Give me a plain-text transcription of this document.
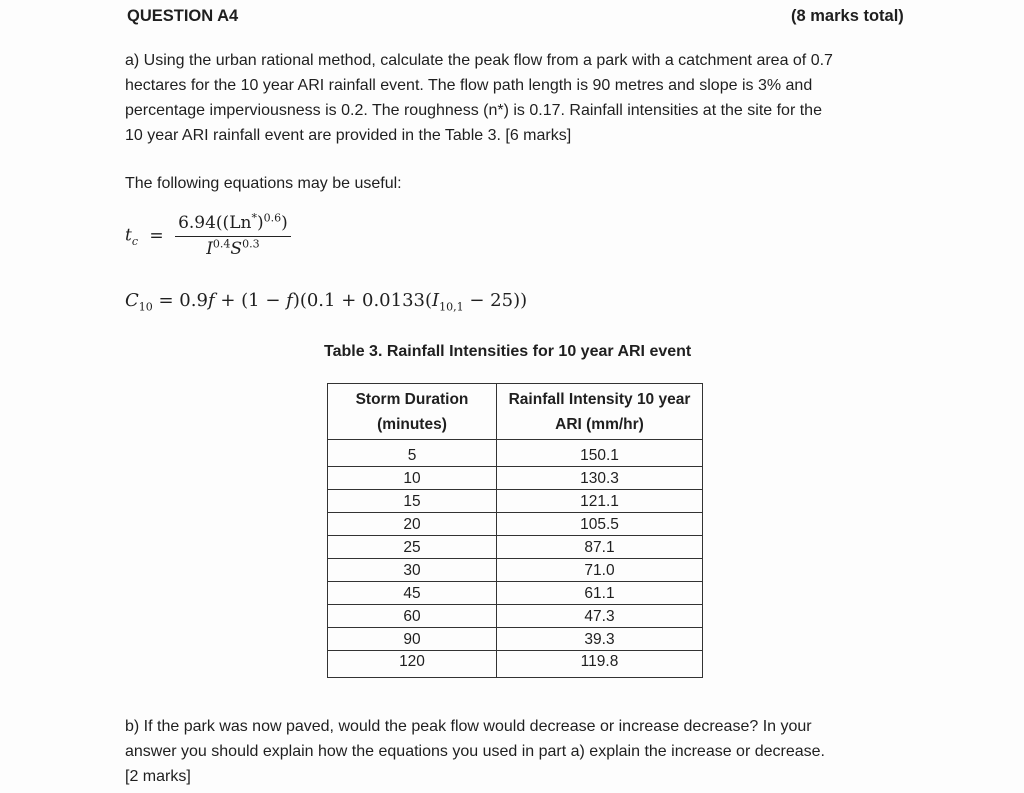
QUESTION A4	(8 marks total)

a) Using the urban rational method, calculate the peak flow from a park with a catchment area of 0.7

hectares for the 10 year ARI rainfall event. The flow path length is 90 metres and slope is 3% and

percentage imperviousness is 0.2. The roughness (n*) is 0.17. Rainfall intensities at the site for the

10 year ARI rainfall event are provided in the Table 3. [6 marks]

The following equations may be useful:
$t_c = \frac{6.94((Ln^*)^{0.6})}{I^{0.4}S^{0.3}}$
$C_{10} = 0.9f + (1 - f)(0.1 + 0.0133(I_{10,1} - 25))$
Table 3. Rainfall Intensities for 10 year ARI event
Storm Duration (minutes)	Rainfall Intensity 10 year ARI (mm/hr)
5	150.1
10	130.3
15	121.1
20	105.5
25	87.1
30	71.0
45	61.1
60	47.3
90	39.3
120	119.8

b) If the park was now paved, would the peak flow would decrease or increase decrease? In your

answer you should explain how the equations you used in part a) explain the increase or decrease.

[2 marks]
